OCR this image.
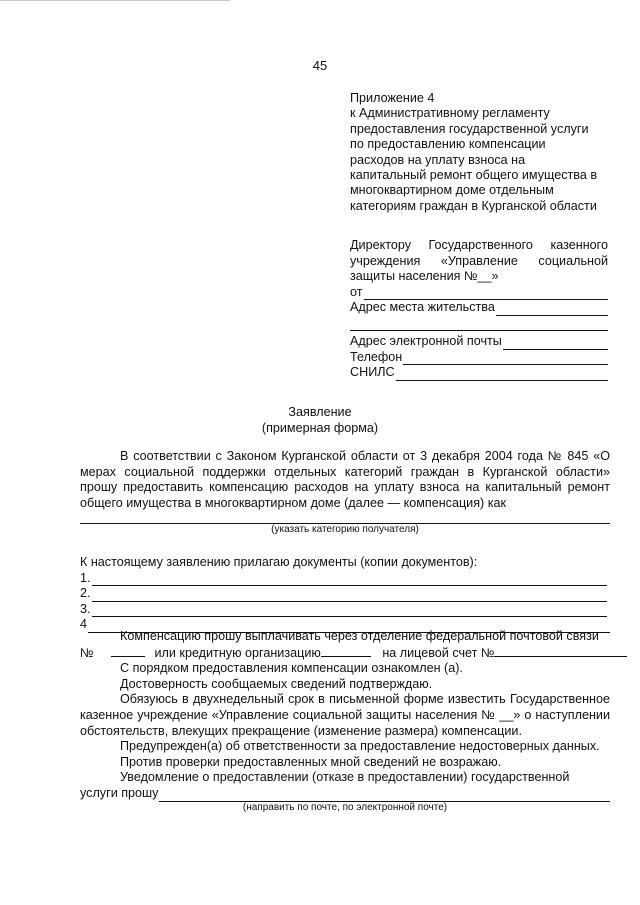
45
Приложение 4
к Административному регламенту
предоставления государственной услуги
по предоставлению компенсации
расходов на уплату взноса на
капитальный ремонт общего имущества в
многоквартирном доме отдельным
категориям граждан в Курганской области
Директору Государственного казенного учреждения «Управление социальной защиты населения №__»
от
Адрес места жительства
Адрес электронной почты
Телефон
СНИЛС
Заявление
(примерная форма)
В соответствии с Законом Курганской области от 3 декабря 2004 года № 845 «О мерах социальной поддержки отдельных категорий граждан в Курганской области» прошу предоставить компенсацию расходов на уплату взноса на капитальный ремонт общего имущества в многоквартирном доме (далее — компенсация) как
(указать категорию получателя)
К настоящему заявлению прилагаю документы (копии документов):
1.
2.
3.
4
Компенсацию прошу выплачивать через отделение федеральной почтовой связи
№	или кредитную организацию	на лицевой счет №
С порядком предоставления компенсации ознакомлен (а).
Достоверность сообщаемых сведений подтверждаю.
Обязуюсь в двухнедельный срок в письменной форме известить Государственное казенное учреждение «Управление социальной защиты населения № __» о наступлении обстоятельств, влекущих прекращение (изменение размера) компенсации.
Предупрежден(а) об ответственности за предоставление недостоверных данных.
Против проверки предоставленных мной сведений не возражаю.
Уведомление о предоставлении (отказе в предоставлении) государственной
услуги прошу
(направить по почте, по электронной почте)
